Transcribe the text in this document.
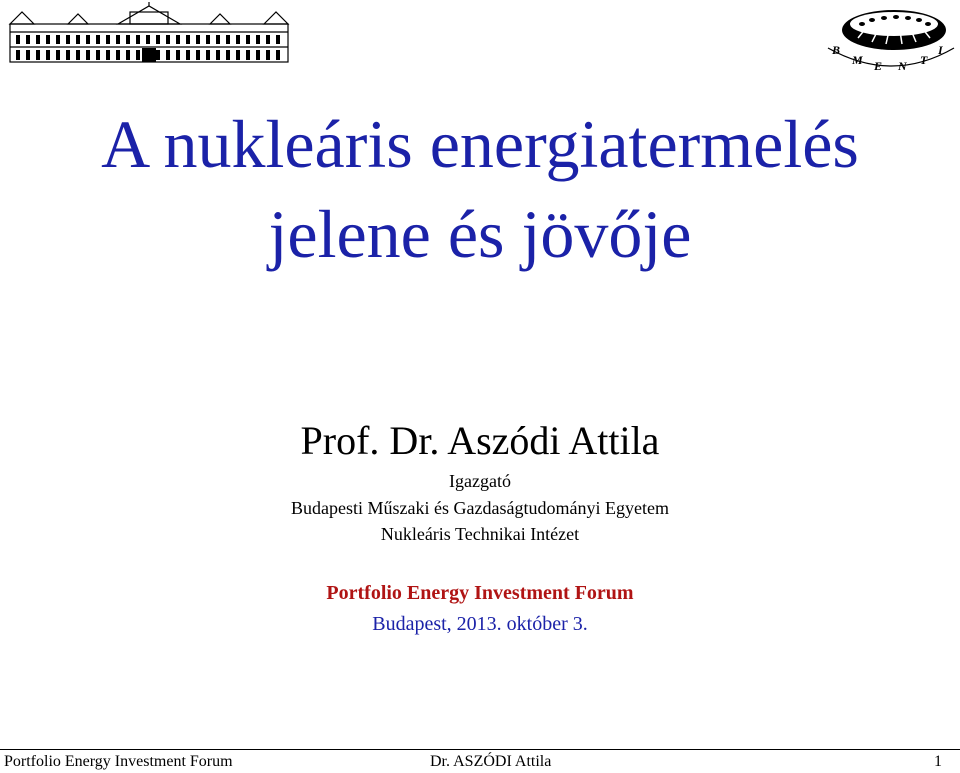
B
M E N T
I
A nukleáris energiatermelés
jelene és jövője
Prof. Dr. Aszódi Attila
Igazgató
Budapesti Műszaki és Gazdaságtudományi Egyetem
Nukleáris Technikai Intézet
Portfolio Energy Investment Forum
Budapest, 2013. október 3.
Portfolio Energy Investment Forum	Dr. ASZÓDI Attila	1
